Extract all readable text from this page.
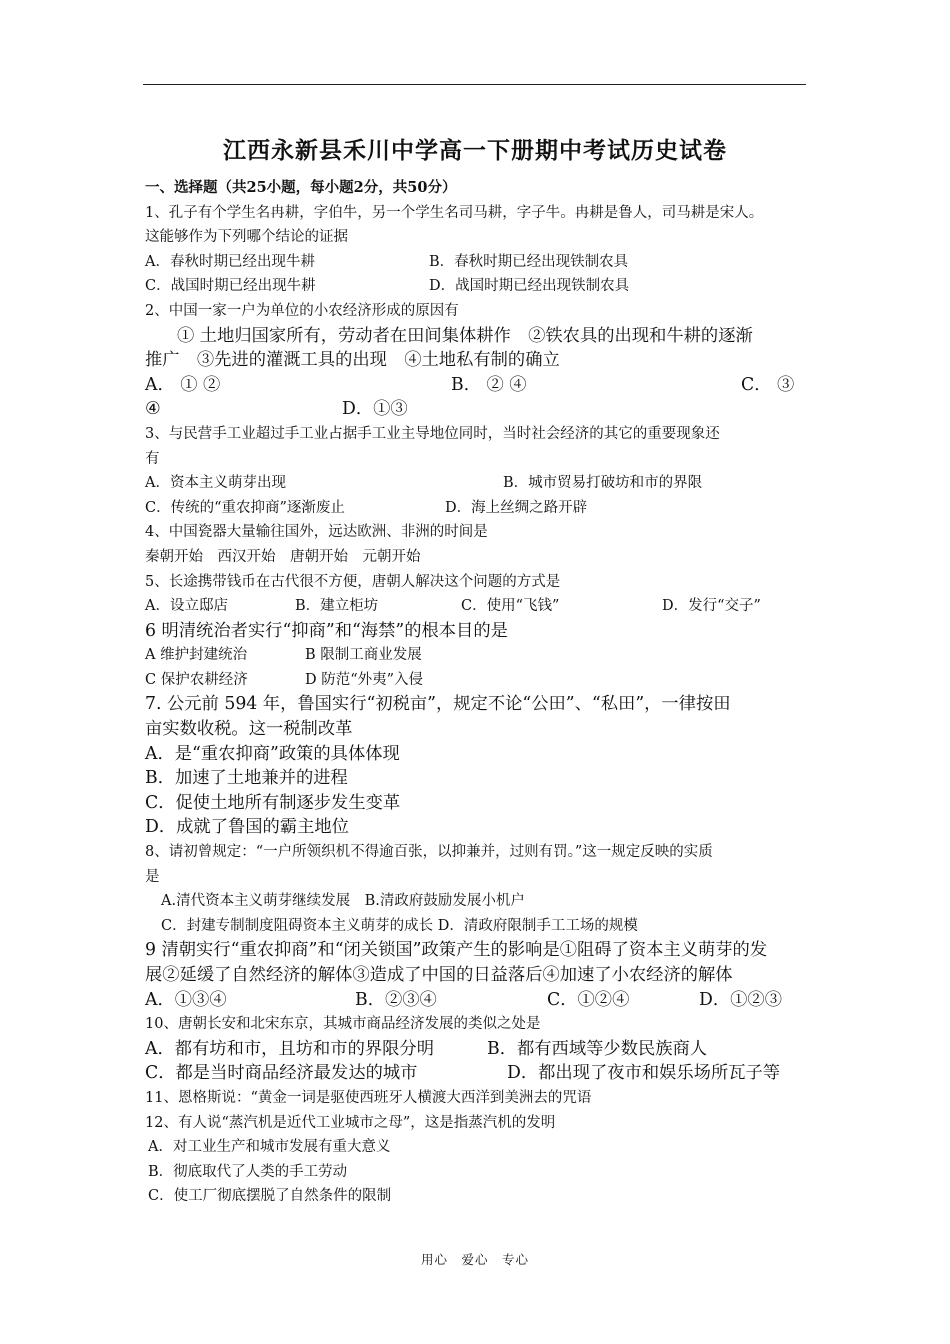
江西永新县禾川中学高一下册期中考试历史试卷
一、选择题（共25小题，每小题2分，共50分）
1、孔子有个学生名冉耕，字伯牛，另一个学生名司马耕，字子牛。冉耕是鲁人，司马耕是宋人。
这能够作为下列哪个结论的证据
A．春秋时期已经出现牛耕	B．春秋时期已经出现铁制农具
C．战国时期已经出现牛耕	D．战国时期已经出现铁制农具
2、中国一家一户为单位的小农经济形成的原因有
① 土地归国家所有，劳动者在田间集体耕作　②铁农具的出现和牛耕的逐渐
推广　③先进的灌溉工具的出现　④土地私有制的确立
A． ① ②	B． ② ④	C． ③
④	D．①③
3、与民营手工业超过手工业占据手工业主导地位同时，当时社会经济的其它的重要现象还
有
A．资本主义萌芽出现	B．城市贸易打破坊和市的界限
C．传统的“重农抑商”逐渐废止	D．海上丝绸之路开辟
4、中国瓷器大量输往国外，远达欧洲、非洲的时间是
秦朝开始　西汉开始　唐朝开始　元朝开始
5、长途携带钱币在古代很不方便，唐朝人解决这个问题的方式是
A．设立邸店	B．建立柜坊	C．使用“飞钱”	D．发行“交子”
6 明清统治者实行“抑商”和“海禁”的根本目的是
A 维护封建统治	B 限制工商业发展
C 保护农耕经济	D 防范“外夷”入侵
7. 公元前 594 年，鲁国实行“初税亩”，规定不论“公田”、“私田”，一律按田
亩实数收税。这一税制改革
A．是“重农抑商”政策的具体体现
B．加速了土地兼并的进程
C．促使土地所有制逐步发生变革
D．成就了鲁国的霸主地位
8、请初曾规定：“一户所领织机不得逾百张，以抑兼并，过则有罚。”这一规定反映的实质
是
A.清代资本主义萌芽继续发展　B.清政府鼓励发展小机户
C．封建专制制度阻碍资本主义萌芽的成长 D．清政府限制手工工场的规模
9 清朝实行“重农抑商”和“闭关锁国”政策产生的影响是①阻碍了资本主义萌芽的发
展②延缓了自然经济的解体③造成了中国的日益落后④加速了小农经济的解体
A．①③④	B．②③④	C．①②④	D．①②③
10、唐朝长安和北宋东京，其城市商品经济发展的类似之处是
A．都有坊和市，且坊和市的界限分明	B．都有西域等少数民族商人
C．都是当时商品经济最发达的城市	D．都出现了夜市和娱乐场所瓦子等
11、恩格斯说：“黄金一词是驱使西班牙人横渡大西洋到美洲去的咒语
12、有人说“蒸汽机是近代工业城市之母”，这是指蒸汽机的发明
A．对工业生产和城市发展有重大意义
B．彻底取代了人类的手工劳动
C．使工厂彻底摆脱了自然条件的限制
用心　爱心　专心
